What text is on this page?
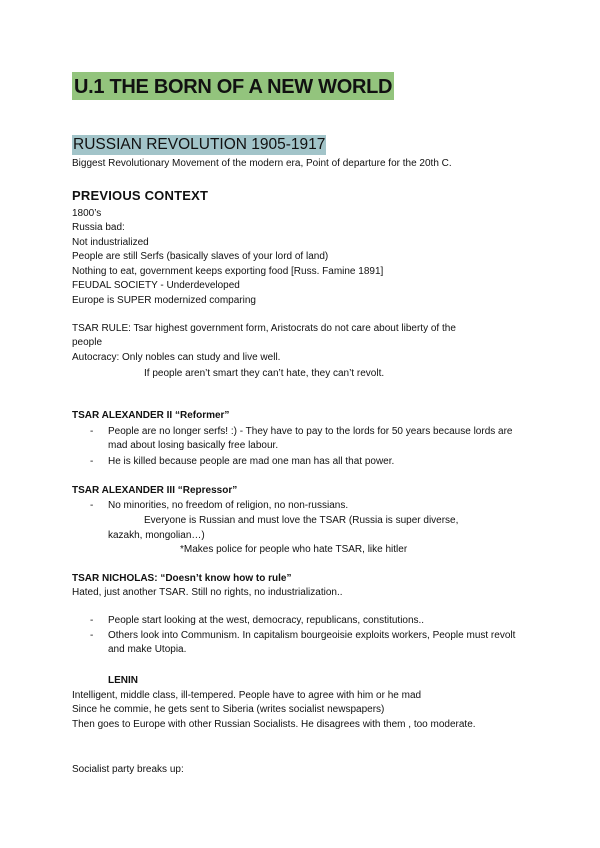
U.1 THE BORN OF A NEW WORLD
RUSSIAN REVOLUTION 1905-1917
Biggest Revolutionary Movement of the modern era, Point of departure for the 20th C.
PREVIOUS CONTEXT
1800’s
Russia bad:
Not industrialized
People are still Serfs (basically slaves of your lord of land)
Nothing to eat, government keeps exporting food [Russ. Famine 1891]
FEUDAL SOCIETY - Underdeveloped
Europe is SUPER modernized comparing
TSAR RULE: Tsar highest government form, Aristocrats do not care about liberty of the
people
Autocracy: Only nobles can study and live well.
If people aren’t smart they can’t hate, they can’t revolt.
TSAR ALEXANDER II “Reformer”
-	People are no longer serfs! :) - They have to pay to the lords for 50 years because lords are mad about losing basically free labour.
-	He is killed because people are mad one man has all that power.
TSAR ALEXANDER III “Repressor”
-	No minorities, no freedom of religion, no non-russians.
Everyone is Russian and must love the TSAR (Russia is super diverse,
kazakh, mongolian…)
*Makes police for people who hate TSAR, like hitler
TSAR NICHOLAS: “Doesn’t know how to rule”
Hated, just another TSAR. Still no rights, no industrialization..
-	People start looking at the west, democracy, republicans, constitutions..
-	Others look into Communism. In capitalism bourgeoisie exploits workers, People must revolt and make Utopia.
LENIN
Intelligent, middle class, ill-tempered. People have to agree with him or he mad
Since he commie, he gets sent to Siberia (writes socialist newspapers)
Then goes to Europe with other Russian Socialists. He disagrees with them , too moderate.
Socialist party breaks up:
